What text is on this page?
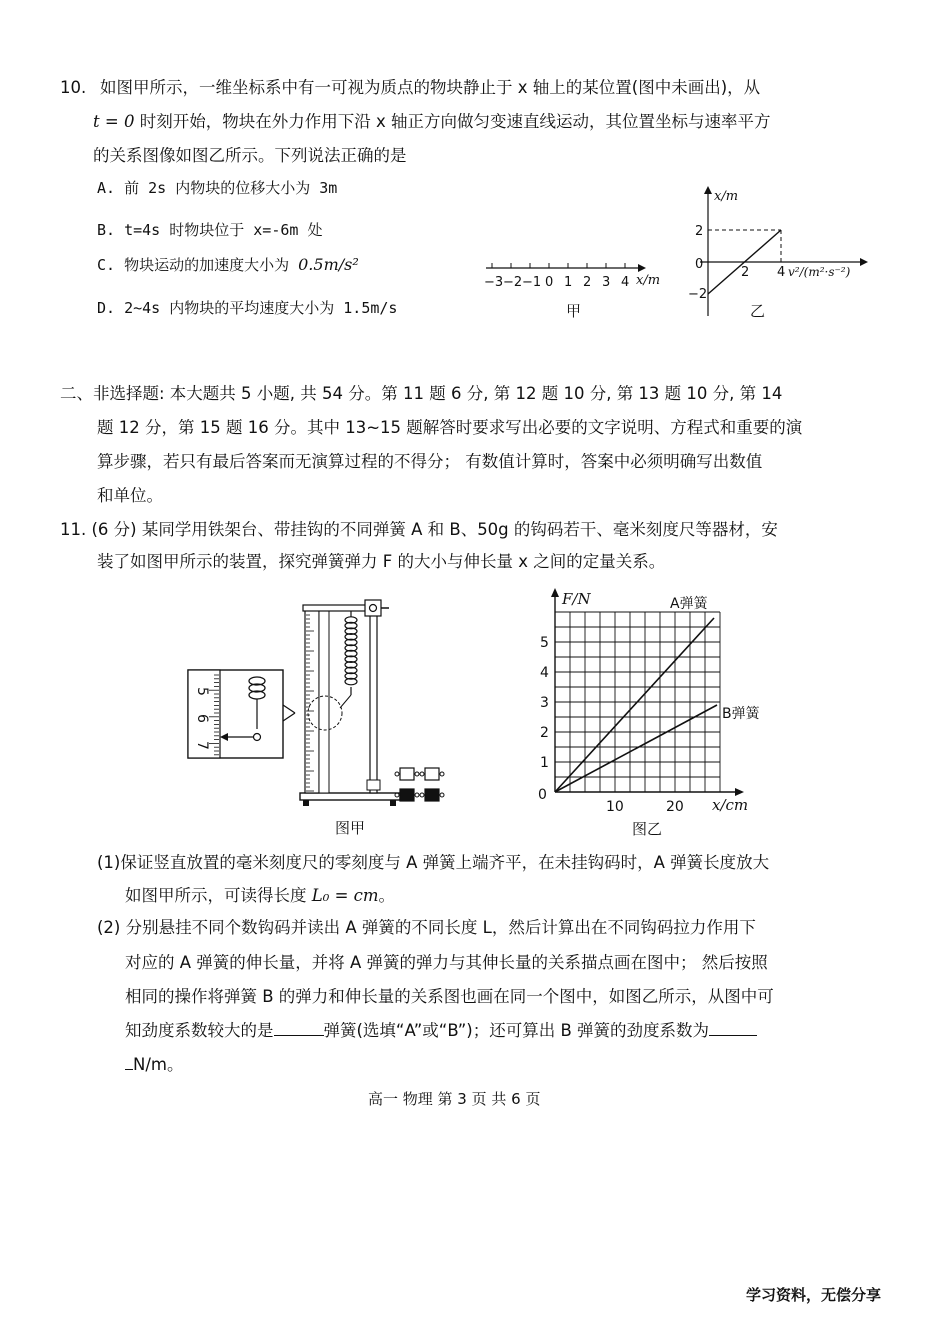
10. 如图甲所示，一维坐标系中有一可视为质点的物块静止于 x 轴上的某位置(图中未画出)，从
t = 0 时刻开始，物块在外力作用下沿 x 轴正方向做匀变速直线运动，其位置坐标与速率平方
的关系图像如图乙所示。下列说法正确的是
A. 前 2s 内物块的位移大小为 3m
B. t=4s 时物块位于 x=-6m 处
C. 物块运动的加速度大小为 0.5m/s²
D. 2~4s 内物块的平均速度大小为 1.5m/s
−3 −2 −1 0 1 2 3 4 x/m
甲
x/m
2
0
−2
2 4 v²/(m²·s⁻²)
乙
二、非选择题: 本大题共 5 小题, 共 54 分。第 11 题 6 分, 第 12 题 10 分, 第 13 题 10 分, 第 14
题 12 分，第 15 题 16 分。其中 13~15 题解答时要求写出必要的文字说明、方程式和重要的演
算步骤，若只有最后答案而无演算过程的不得分； 有数值计算时，答案中必须明确写出数值
和单位。
11. (6 分) 某同学用铁架台、带挂钩的不同弹簧 A 和 B、50g 的钩码若干、毫米刻度尺等器材，安
装了如图甲所示的装置，探究弹簧弹力 F 的大小与伸长量 x 之间的定量关系。
5
6
7
图甲
F/N
x/cm
5
4
3
2
1
0
10	20
A弹簧
B弹簧
图乙
(1)保证竖直放置的毫米刻度尺的零刻度与 A 弹簧上端齐平，在未挂钩码时，A 弹簧长度放大
如图甲所示，可读得长度 L₀ = cm。
(2) 分别悬挂不同个数钩码并读出 A 弹簧的不同长度 L，然后计算出在不同钩码拉力作用下
对应的 A 弹簧的伸长量，并将 A 弹簧的弹力与其伸长量的关系描点画在图中； 然后按照
相同的操作将弹簧 B 的弹力和伸长量的关系图也画在同一个图中，如图乙所示，从图中可
知劲度系数较大的是	弹簧(选填“A”或“B”)；还可算出 B 弹簧的劲度系数为
N/m。
高一 物理 第 3 页 共 6 页
学习资料，无偿分享
